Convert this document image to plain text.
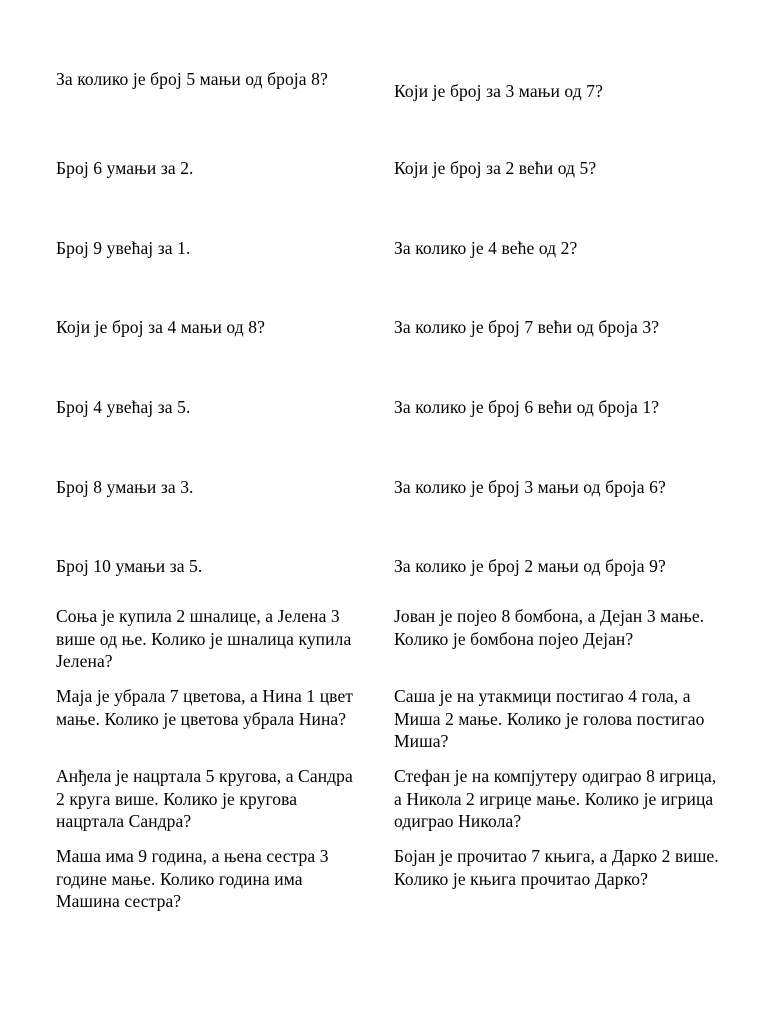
За колико је број 5 мањи од броја 8?

Број 6 умањи за 2.

Број 9 увећај за 1.

Који је број за 4 мањи од 8?

Број 4 увећај за 5.

Број 8 умањи за 3.

Број 10 умањи за 5.

Соња је купила 2 шналице, а Јелена 3 више од ње. Колико је шналица купила Јелена?

Маја је убрала 7 цветова, а Нина 1 цвет мање. Колико је цветова убрала Нина?

Анђела је нацртала 5 кругова, а Сандра 2 круга више. Колико је кругова нацртала Сандра?

Маша има 9 година, а њена сестра 3 године мање. Колико година има Машина сестра?

Који је број за 3 мањи од 7?

Који је број за 2 већи од 5?

За колико је 4 веће од 2?

За колико је број 7 већи од броја 3?

За колико је број 6 већи од броја 1?

За колико је број 3 мањи од броја 6?

За колико је број 2 мањи од броја 9?

Јован је појео 8 бомбона, а Дејан 3 мање. Колико је бомбона појео Дејан?

Саша је на утакмици постигао 4 гола, а Миша 2 мање. Колико је голова постигао Миша?

Стефан је на компјутеру одиграо 8 игрица, а Никола 2 игрице мање. Колико је игрица одиграо Никола?

Бојан је прочитао 7 књига, а Дарко 2 више. Колико је књига прочитао Дарко?
